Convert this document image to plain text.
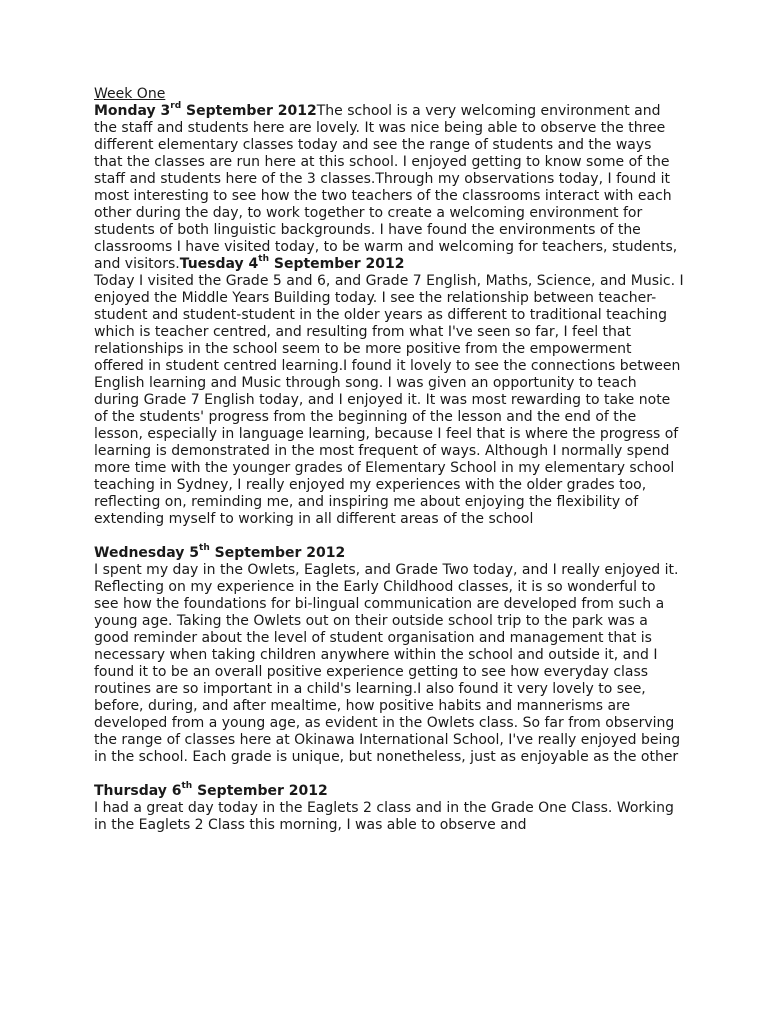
Week One

Monday 3rd September 2012The school is a very welcoming environment and the staff and students here are lovely. It was nice being able to observe the three different elementary classes today and see the range of students and the ways that the classes are run here at this school. I enjoyed getting to know some of the staff and students here of the 3 classes.Through my observations today, I found it most interesting to see how the two teachers of the classrooms interact with each other during the day, to work together to create a welcoming environment for students of both linguistic backgrounds. I have found the environments of the classrooms I have visited today, to be warm and welcoming for teachers, students, and visitors.Tuesday 4th September 2012

Today I visited the Grade 5 and 6, and Grade 7 English, Maths, Science, and Music. I enjoyed the Middle Years Building today. I see the relationship between teacher-student and student-student in the older years as different to traditional teaching which is teacher centred, and resulting from what I've seen so far, I feel that relationships in the school seem to be more positive from the empowerment offered in student centred learning.I found it lovely to see the connections between English learning and Music through song. I was given an opportunity to teach during Grade 7 English today, and I enjoyed it. It was most rewarding to take note of the students' progress from the beginning of the lesson and the end of the lesson, especially in language learning, because I feel that is where the progress of learning is demonstrated in the most frequent of ways. Although I normally spend more time with the younger grades of Elementary School in my elementary school teaching in Sydney, I really enjoyed my experiences with the older grades too, reflecting on, reminding me, and inspiring me about enjoying the flexibility of extending myself to working in all different areas of the school

Wednesday 5th September 2012

I spent my day in the Owlets, Eaglets, and Grade Two today, and I really enjoyed it. Reflecting on my experience in the Early Childhood classes, it is so wonderful to see how the foundations for bi-lingual communication are developed from such a young age. Taking the Owlets out on their outside school trip to the park was a good reminder about the level of student organisation and management that is necessary when taking children anywhere within the school and outside it, and I found it to be an overall positive experience getting to see how everyday class routines are so important in a child's learning.I also found it very lovely to see, before, during, and after mealtime, how positive habits and mannerisms are developed from a young age, as evident in the Owlets class. So far from observing the range of classes here at Okinawa International School, I've really enjoyed being in the school. Each grade is unique, but nonetheless, just as enjoyable as the other

Thursday 6th September 2012

I had a great day today in the Eaglets 2 class and in the Grade One Class. Working in the Eaglets 2 Class this morning, I was able to observe and
